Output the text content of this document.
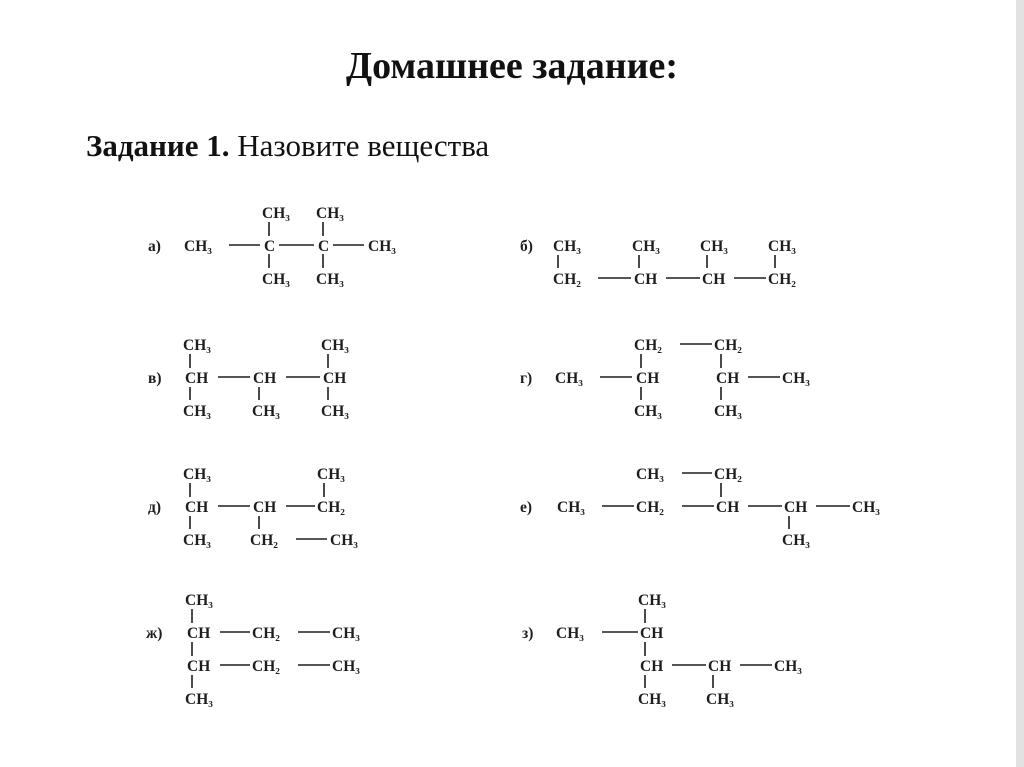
Домашнее задание:
Задание 1. Назовите вещества
а)
CH₃ CH₃
CH₃	C	C	CH₃
CH₃ CH₃
б) CH₃	CH₃	CH₃	CH₃
CH₂	CH	CH	CH₂
в)
CH₃	CH₃
CH	CH	CH
CH₃	CH₃	CH₃
г)
CH₂	CH₂
CH₃	CH	CH	CH₃
CH₃	CH₃
д)
CH₃	CH₃
CH	CH	CH₂
CH₃	CH₂	CH₃
е)
CH₃	CH₂
CH₃	CH₂	CH	CH	CH₃
CH₃
ж)
CH₃
CH	CH₂	CH₃
CH	CH₂	CH₃
CH₃
з)
CH₃
CH₃	CH
CH	CH	CH₃
CH₃	CH₃
